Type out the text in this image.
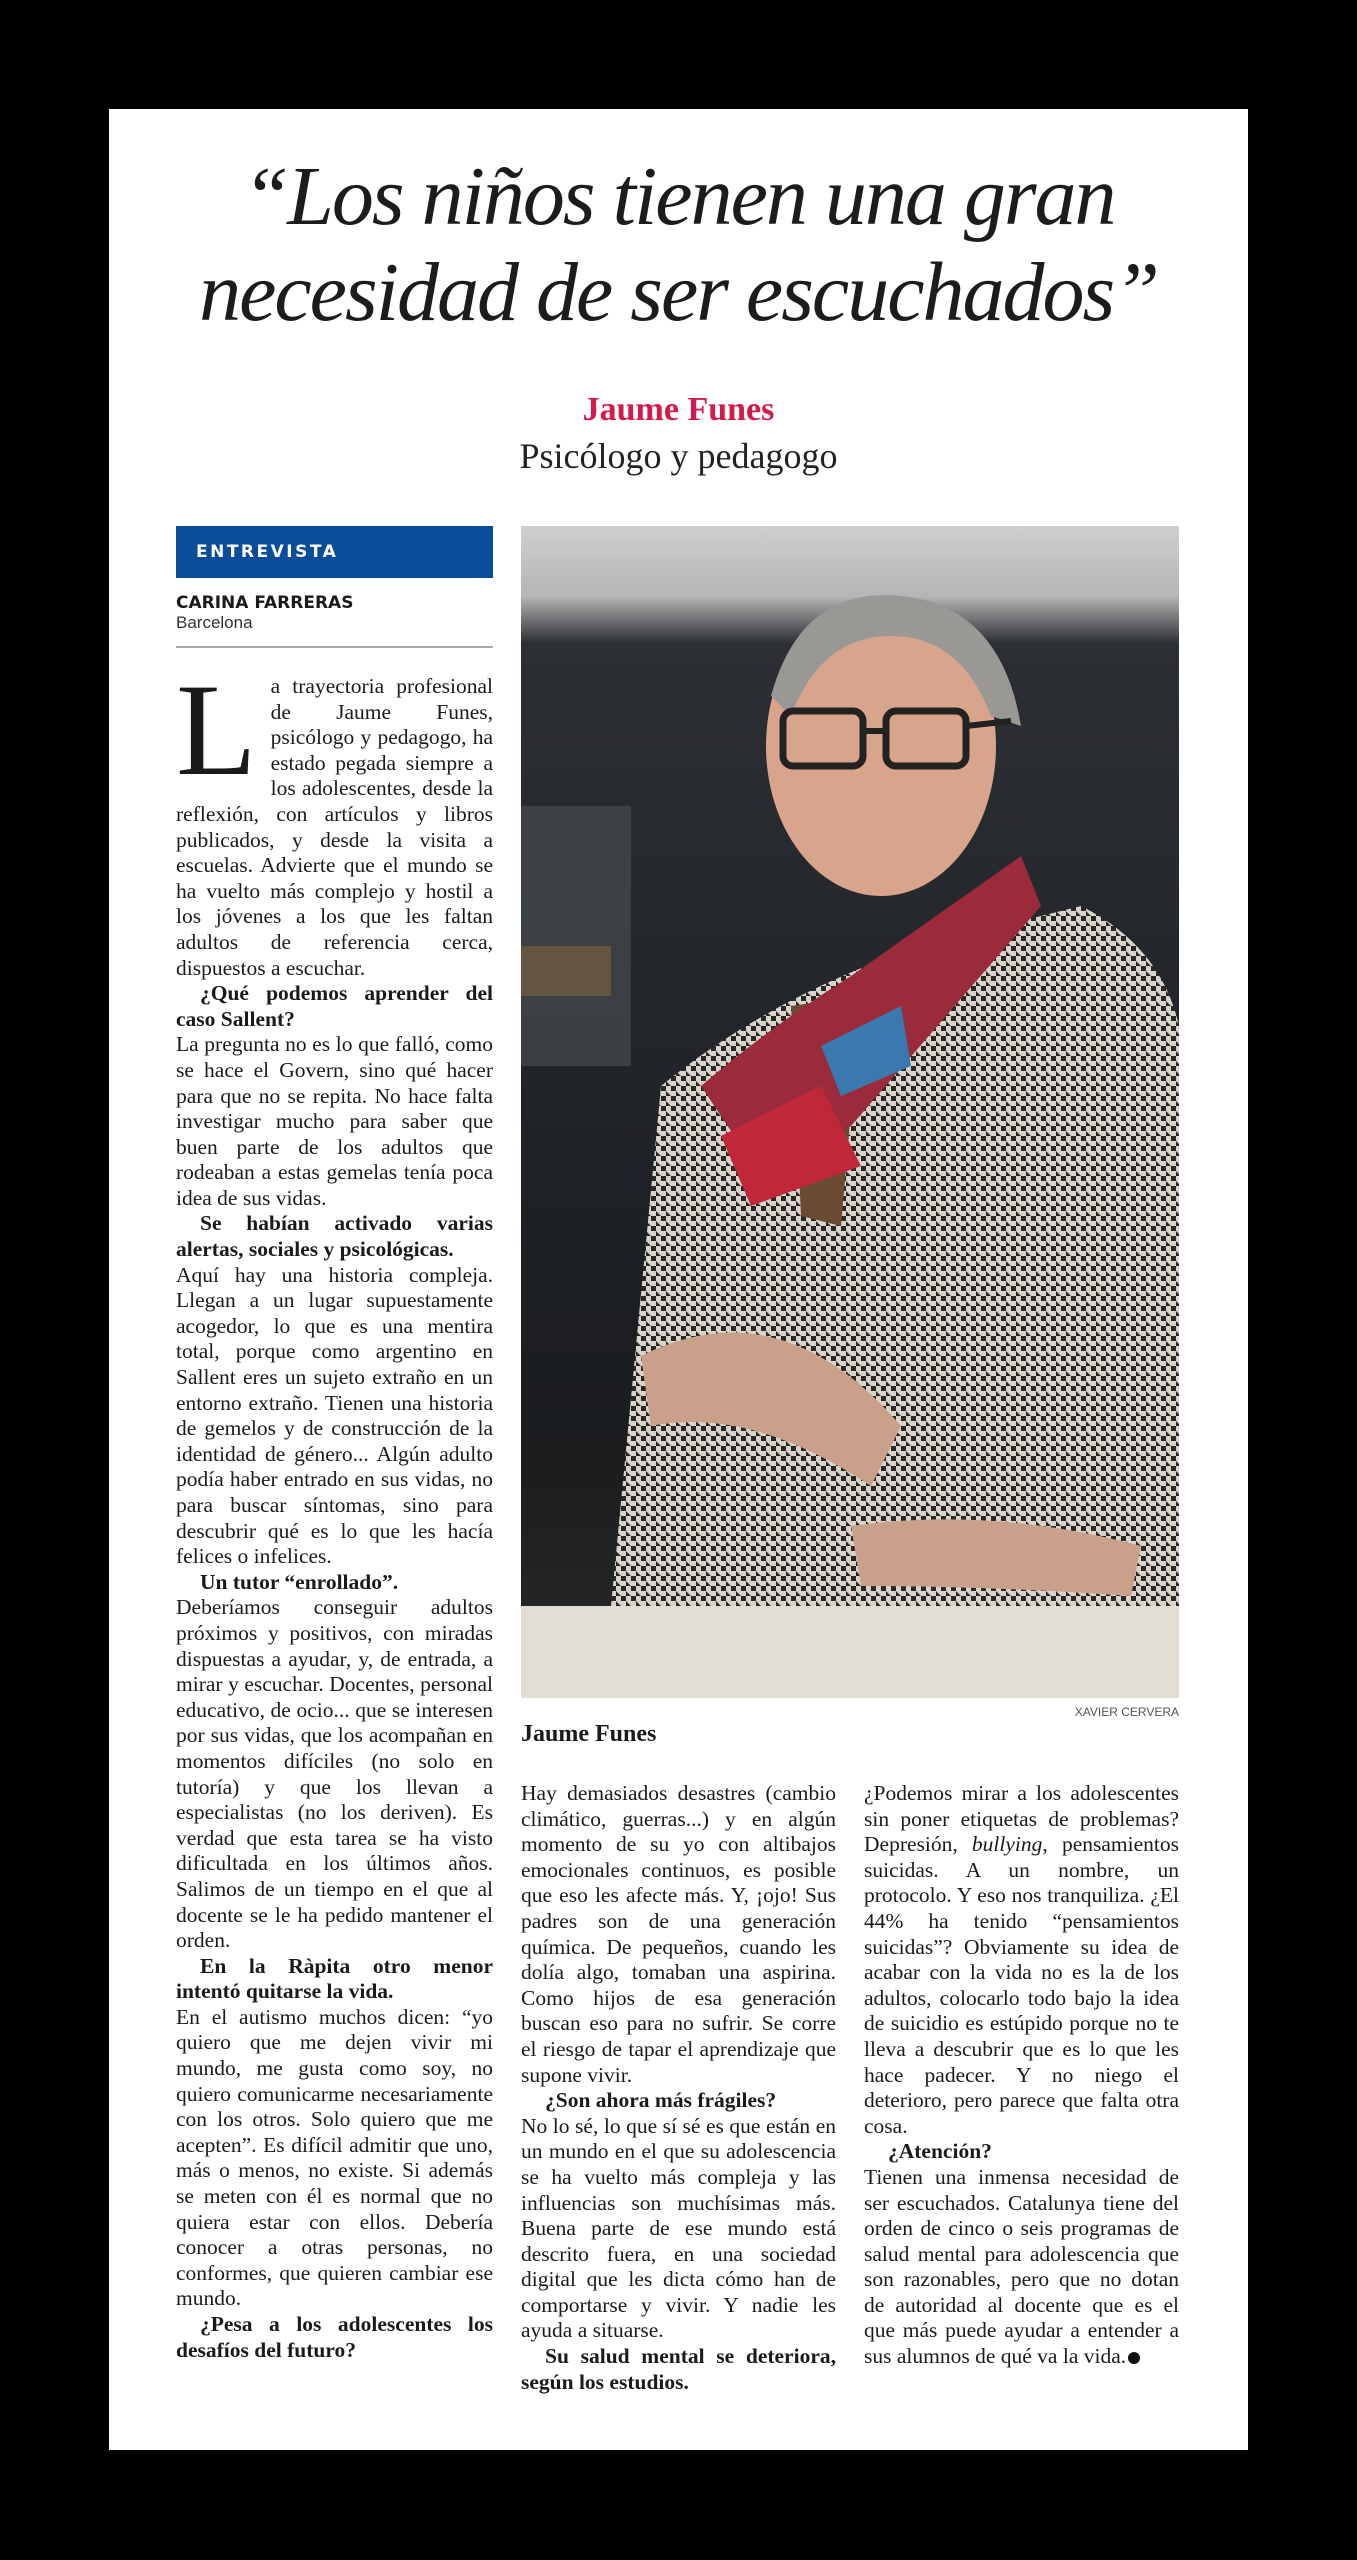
“Los niños tienen una gran necesidad de ser escuchados”
Jaume Funes
Psicólogo y pedagogo
ENTREVISTA
CARINA FARRERAS
Barcelona

La trayectoria profesional de Jaume Funes, psicólogo y pedagogo, ha estado pegada siempre a los adolescentes, desde la reflexión, con artículos y libros publicados, y desde la visita a escuelas. Advierte que el mundo se ha vuelto más complejo y hostil a los jóvenes a los que les faltan adultos de referencia cerca, dispuestos a escuchar.

¿Qué podemos aprender del caso Sallent?

La pregunta no es lo que falló, como se hace el Govern, sino qué hacer para que no se repita. No hace falta investigar mucho para saber que buen parte de los adultos que rodeaban a estas gemelas tenía poca idea de sus vidas.

Se habían activado varias alertas, sociales y psicológicas.

Aquí hay una historia compleja. Llegan a un lugar supuestamente acogedor, lo que es una mentira total, porque como argentino en Sallent eres un sujeto extraño en un entorno extraño. Tienen una historia de gemelos y de construcción de la identidad de género... Algún adulto podía haber entrado en sus vidas, no para buscar síntomas, sino para descubrir qué es lo que les hacía felices o infelices.

Un tutor “enrollado”.

Deberíamos conseguir adultos próximos y positivos, con miradas dispuestas a ayudar, y, de entrada, a mirar y escuchar. Docentes, personal educativo, de ocio... que se interesen por sus vidas, que los acompañan en momentos difíciles (no solo en tutoría) y que los llevan a especialistas (no los deriven). Es verdad que esta tarea se ha visto dificultada en los últimos años. Salimos de un tiempo en el que al docente se le ha pedido mantener el orden.

En la Ràpita otro menor intentó quitarse la vida.

En el autismo muchos dicen: “yo quiero que me dejen vivir mi mundo, me gusta como soy, no quiero comunicarme necesariamente con los otros. Solo quiero que me acepten”. Es difícil admitir que uno, más o menos, no existe. Si además se meten con él es normal que no quiera estar con ellos. Debería conocer a otras personas, no conformes, que quieren cambiar ese mundo.

¿Pesa a los adolescentes los desafíos del futuro?

XAVIER CERVERA
Jaume Funes

Hay demasiados desastres (cambio climático, guerras...) y en algún momento de su yo con altibajos emocionales continuos, es posible que eso les afecte más. Y, ¡ojo! Sus padres son de una generación química. De pequeños, cuando les dolía algo, tomaban una aspirina. Como hijos de esa generación buscan eso para no sufrir. Se corre el riesgo de tapar el aprendizaje que supone vivir.

¿Son ahora más frágiles?

No lo sé, lo que sí sé es que están en un mundo en el que su adolescencia se ha vuelto más compleja y las influencias son muchísimas más. Buena parte de ese mundo está descrito fuera, en una sociedad digital que les dicta cómo han de comportarse y vivir. Y nadie les ayuda a situarse.

Su salud mental se deteriora, según los estudios.

¿Podemos mirar a los adolescentes sin poner etiquetas de problemas? Depresión, bullying, pensamientos suicidas. A un nombre, un protocolo. Y eso nos tranquiliza. ¿El 44% ha tenido “pensamientos suicidas”? Obviamente su idea de acabar con la vida no es la de los adultos, colocarlo todo bajo la idea de suicidio es estúpido porque no te lleva a descubrir que es lo que les hace padecer. Y no niego el deterioro, pero parece que falta otra cosa.

¿Atención?

Tienen una inmensa necesidad de ser escuchados. Catalunya tiene del orden de cinco o seis programas de salud mental para adolescencia que son razonables, pero que no dotan de autoridad al docente que es el que más puede ayudar a entender a sus alumnos de qué va la vida.
